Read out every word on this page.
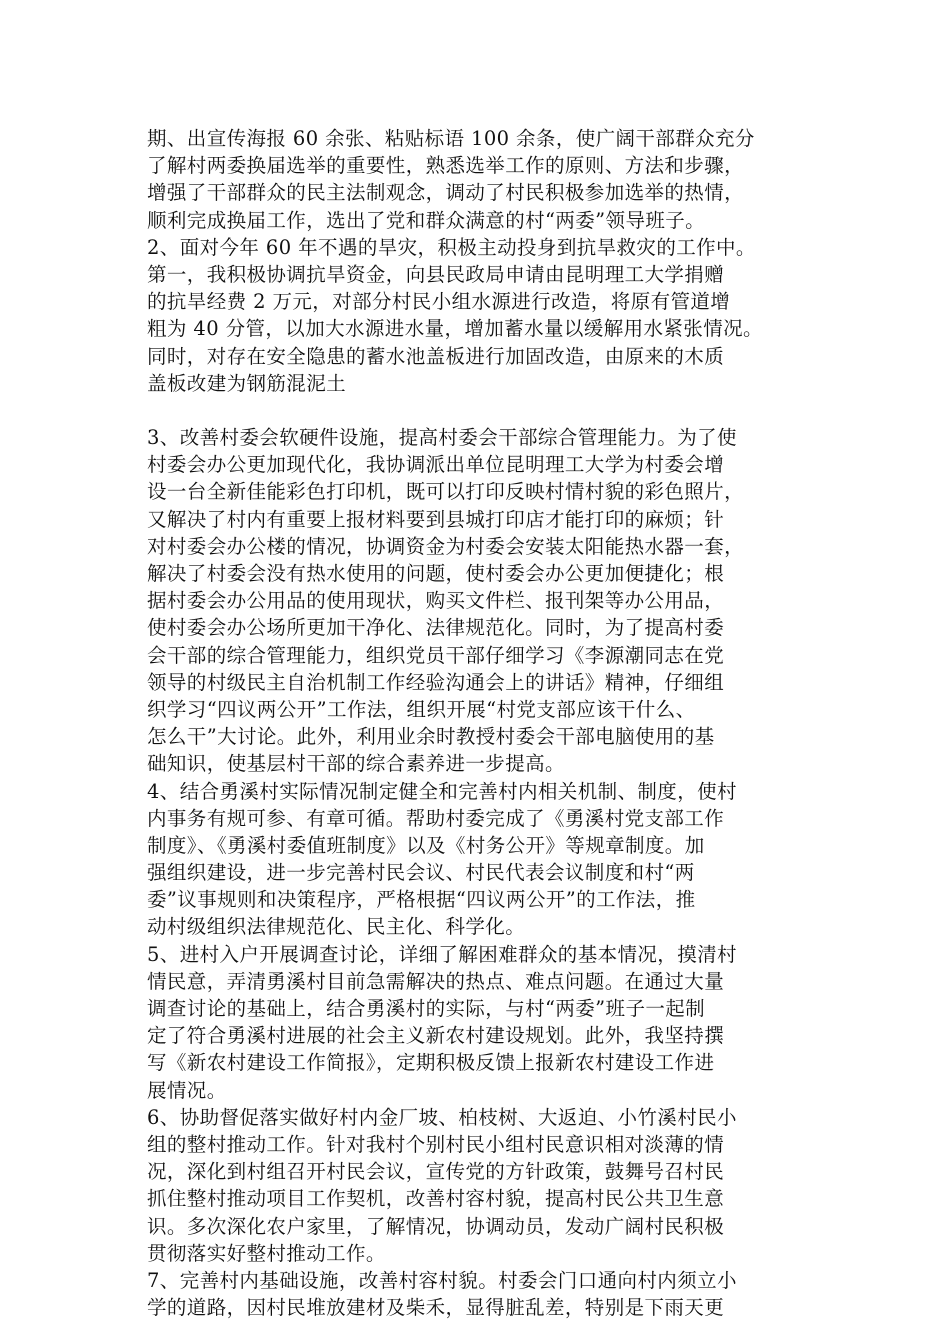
期、出宣传海报 60 余张、粘贴标语 100 余条，使广阔干部群众充分
了解村两委换届选举的重要性，熟悉选举工作的原则、方法和步骤，
增强了干部群众的民主法制观念，调动了村民积极参加选举的热情，
顺利完成换届工作，选出了党和群众满意的村“两委”领导班子。
2、面对今年 60 年不遇的旱灾，积极主动投身到抗旱救灾的工作中。
第一，我积极协调抗旱资金，向县民政局申请由昆明理工大学捐赠
的抗旱经费 2 万元，对部分村民小组水源进行改造，将原有管道增
粗为 40 分管，以加大水源进水量，增加蓄水量以缓解用水紧张情况。
同时，对存在安全隐患的蓄水池盖板进行加固改造，由原来的木质
盖板改建为钢筋混泥土
3、改善村委会软硬件设施，提高村委会干部综合管理能力。为了使
村委会办公更加现代化，我协调派出单位昆明理工大学为村委会增
设一台全新佳能彩色打印机，既可以打印反映村情村貌的彩色照片，
又解决了村内有重要上报材料要到县城打印店才能打印的麻烦；针
对村委会办公楼的情况，协调资金为村委会安装太阳能热水器一套，
解决了村委会没有热水使用的问题，使村委会办公更加便捷化；根
据村委会办公用品的使用现状，购买文件栏、报刊架等办公用品，
使村委会办公场所更加干净化、法律规范化。同时，为了提高村委
会干部的综合管理能力，组织党员干部仔细学习《李源潮同志在党
领导的村级民主自治机制工作经验沟通会上的讲话》精神，仔细组
织学习“四议两公开”工作法，组织开展“村党支部应该干什么、
怎么干”大讨论。此外，利用业余时教授村委会干部电脑使用的基
础知识，使基层村干部的综合素养进一步提高。
4、结合勇溪村实际情况制定健全和完善村内相关机制、制度，使村
内事务有规可参、有章可循。帮助村委完成了《勇溪村党支部工作
制度》、《勇溪村委值班制度》以及《村务公开》等规章制度。加
强组织建设，进一步完善村民会议、村民代表会议制度和村“两
委”议事规则和决策程序，严格根据“四议两公开”的工作法，推
动村级组织法律规范化、民主化、科学化。
5、进村入户开展调查讨论，详细了解困难群众的基本情况，摸清村
情民意，弄清勇溪村目前急需解决的热点、难点问题。在通过大量
调查讨论的基础上，结合勇溪村的实际，与村“两委”班子一起制
定了符合勇溪村进展的社会主义新农村建设规划。此外，我坚持撰
写《新农村建设工作简报》，定期积极反馈上报新农村建设工作进
展情况。
6、协助督促落实做好村内金厂坡、柏枝树、大返迫、小竹溪村民小
组的整村推动工作。针对我村个别村民小组村民意识相对淡薄的情
况，深化到村组召开村民会议，宣传党的方针政策，鼓舞号召村民
抓住整村推动项目工作契机，改善村容村貌，提高村民公共卫生意
识。多次深化农户家里，了解情况，协调动员，发动广阔村民积极
贯彻落实好整村推动工作。
7、完善村内基础设施，改善村容村貌。村委会门口通向村内须立小
学的道路，因村民堆放建材及柴禾，显得脏乱差，特别是下雨天更
